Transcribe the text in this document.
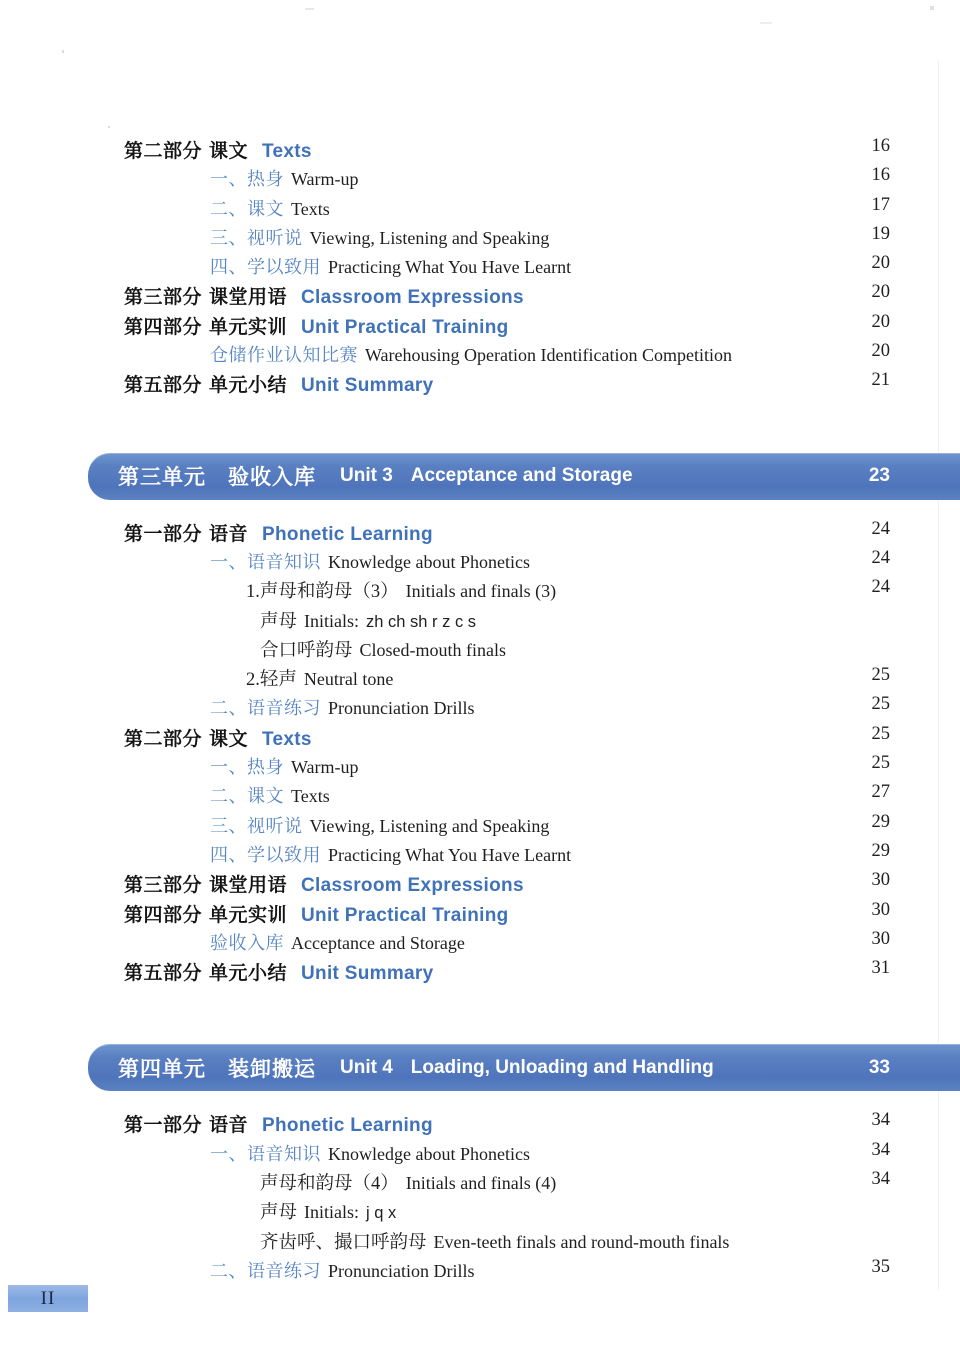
第二部分 课文 Texts	16
一、热身 Warm-up	16
二、课文 Texts	17
三、视听说 Viewing, Listening and Speaking	19
四、学以致用 Practicing What You Have Learnt	20
第三部分 课堂用语 Classroom Expressions	20
第四部分 单元实训 Unit Practical Training	20
仓储作业认知比赛 Warehousing Operation Identification Competition	20
第五部分 单元小结 Unit Summary	21
第三单元 验收入库 Unit 3 Acceptance and Storage	23
第一部分 语音 Phonetic Learning	24
一、语音知识 Knowledge about Phonetics	24
1.声母和韵母（3） Initials and finals (3)	24
声母 Initials: zh ch sh r z c s
合口呼韵母 Closed-mouth finals
2.轻声 Neutral tone	25
二、语音练习 Pronunciation Drills	25
第二部分 课文 Texts	25
一、热身 Warm-up	25
二、课文 Texts	27
三、视听说 Viewing, Listening and Speaking	29
四、学以致用 Practicing What You Have Learnt	29
第三部分 课堂用语 Classroom Expressions	30
第四部分 单元实训 Unit Practical Training	30
验收入库 Acceptance and Storage	30
第五部分 单元小结 Unit Summary	31
第四单元 装卸搬运 Unit 4 Loading, Unloading and Handling	33
第一部分 语音 Phonetic Learning	34
一、语音知识 Knowledge about Phonetics	34
声母和韵母（4） Initials and finals (4)	34
声母 Initials: j q x
齐齿呼、撮口呼韵母 Even-teeth finals and round-mouth finals
二、语音练习 Pronunciation Drills	35
II
